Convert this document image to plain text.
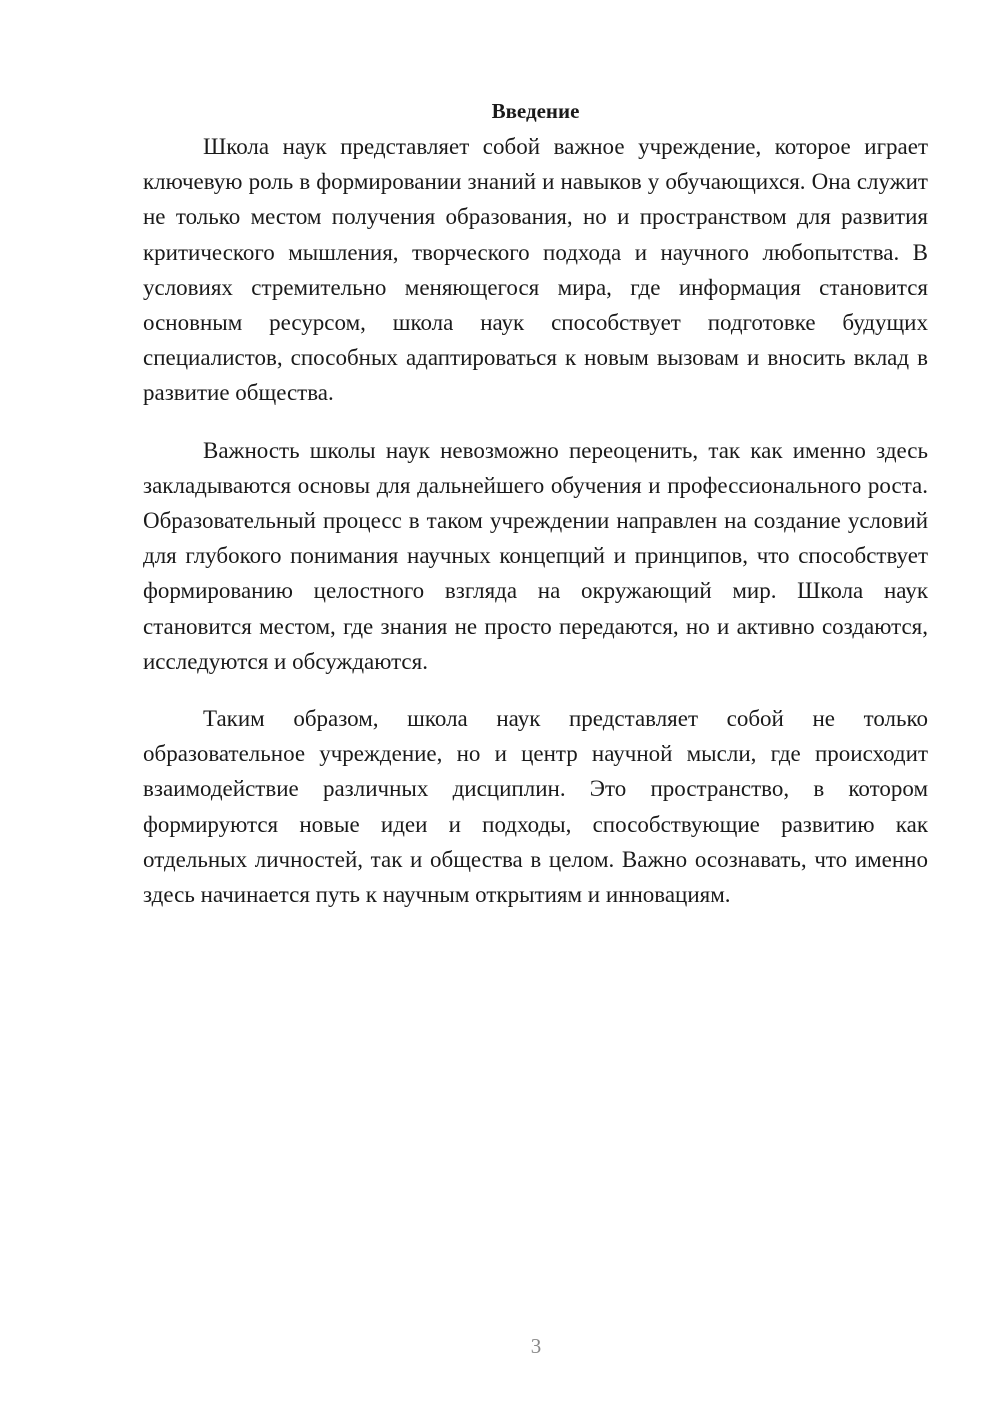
Введение

Школа наук представляет собой важное учреждение, которое играет ключевую роль в формировании знаний и навыков у обучающихся. Она служит не только местом получения образования, но и пространством для развития критического мышления, творческого подхода и научного любопытства. В условиях стремительно меняющегося мира, где информация становится основным ресурсом, школа наук способствует подготовке будущих специалистов, способных адаптироваться к новым вызовам и вносить вклад в развитие общества.

Важность школы наук невозможно переоценить, так как именно здесь закладываются основы для дальнейшего обучения и профессионального роста. Образовательный процесс в таком учреждении направлен на создание условий для глубокого понимания научных концепций и принципов, что способствует формированию целостного взгляда на окружающий мир. Школа наук становится местом, где знания не просто передаются, но и активно создаются, исследуются и обсуждаются.

Таким образом, школа наук представляет собой не только образовательное учреждение, но и центр научной мысли, где происходит взаимодействие различных дисциплин. Это пространство, в котором формируются новые идеи и подходы, способствующие развитию как отдельных личностей, так и общества в целом. Важно осознавать, что именно здесь начинается путь к научным открытиям и инновациям.

3
